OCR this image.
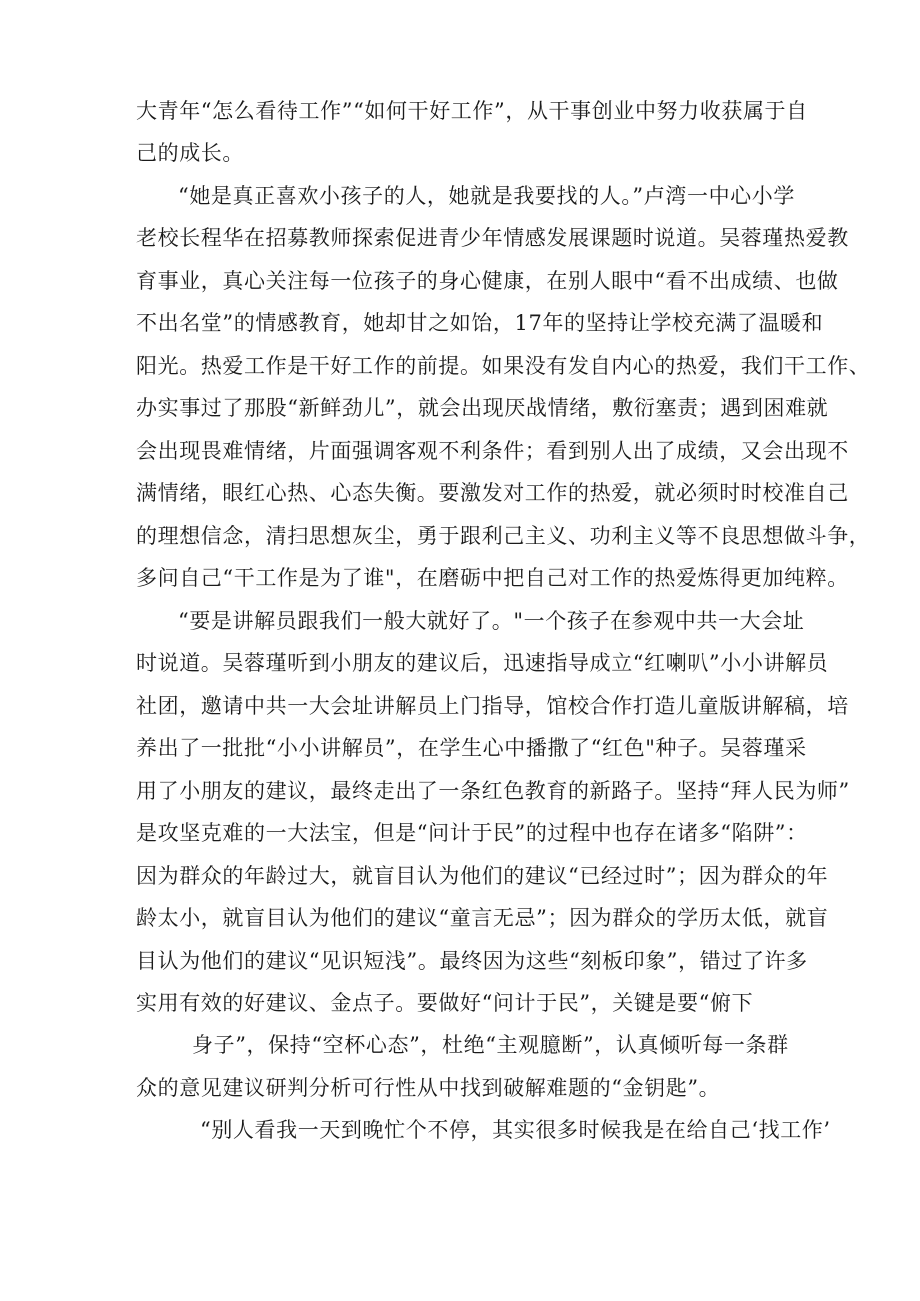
大青年“怎么看待工作”“如何干好工作”，从干事创业中努力收获属于自
己的成长。
“她是真正喜欢小孩子的人，她就是我要找的人。”卢湾一中心小学
老校长程华在招募教师探索促进青少年情感发展课题时说道。吴蓉瑾热爱教
育事业，真心关注每一位孩子的身心健康，在别人眼中“看不出成绩、也做
不出名堂”的情感教育，她却甘之如饴，17年的坚持让学校充满了温暖和
阳光。热爱工作是干好工作的前提。如果没有发自内心的热爱，我们干工作、
办实事过了那股“新鲜劲儿”，就会出现厌战情绪，敷衍塞责；遇到困难就
会出现畏难情绪，片面强调客观不利条件；看到别人出了成绩，又会出现不
满情绪，眼红心热、心态失衡。要激发对工作的热爱，就必须时时校准自己
的理想信念，清扫思想灰尘，勇于跟利己主义、功利主义等不良思想做斗争，
多问自己“干工作是为了谁"，在磨砺中把自己对工作的热爱炼得更加纯粹。
“要是讲解员跟我们一般大就好了。"一个孩子在参观中共一大会址
时说道。吴蓉瑾听到小朋友的建议后，迅速指导成立“红喇叭”小小讲解员
社团，邀请中共一大会址讲解员上门指导，馆校合作打造儿童版讲解稿，培
养出了一批批“小小讲解员”，在学生心中播撒了“红色"种子。吴蓉瑾采
用了小朋友的建议，最终走出了一条红色教育的新路子。坚持“拜人民为师”
是攻坚克难的一大法宝，但是“问计于民”的过程中也存在诸多“陷阱”：
因为群众的年龄过大，就盲目认为他们的建议“已经过时”；因为群众的年
龄太小，就盲目认为他们的建议“童言无忌”；因为群众的学历太低，就盲
目认为他们的建议“见识短浅”。最终因为这些“刻板印象”，错过了许多
实用有效的好建议、金点子。要做好“问计于民”，关键是要“俯下
身子”，保持“空杯心态”，杜绝“主观臆断”，认真倾听每一条群
众的意见建议研判分析可行性从中找到破解难题的“金钥匙”。
“别人看我一天到晚忙个不停，其实很多时候我是在给自己‘找工作’
